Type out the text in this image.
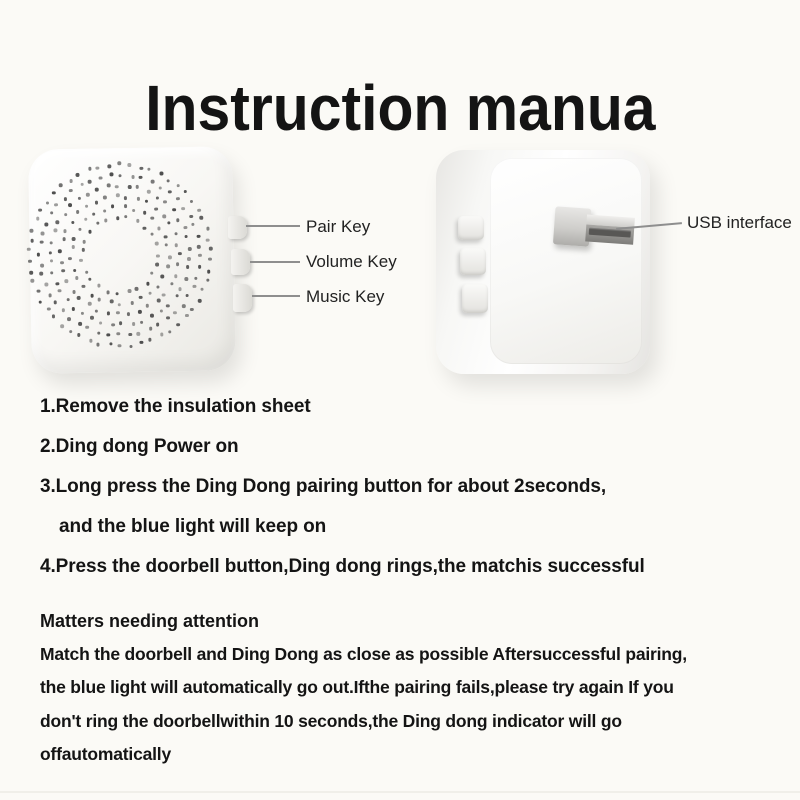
Instruction manua
Pair Key
Volume Key
Music Key
USB interface
1.Remove the insulation sheet
2.Ding dong Power on
3.Long press the Ding Dong pairing button for about 2seconds,
and the blue light will keep on
4.Press the doorbell button,Ding dong rings,the matchis successful
Matters needing attention
Match the doorbell and Ding Dong as close as possible Aftersuccessful pairing,
the blue light will automatically go out.Ifthe pairing fails,please try again If you
don't ring the doorbellwithin 10 seconds,the Ding dong indicator will go
offautomatically
